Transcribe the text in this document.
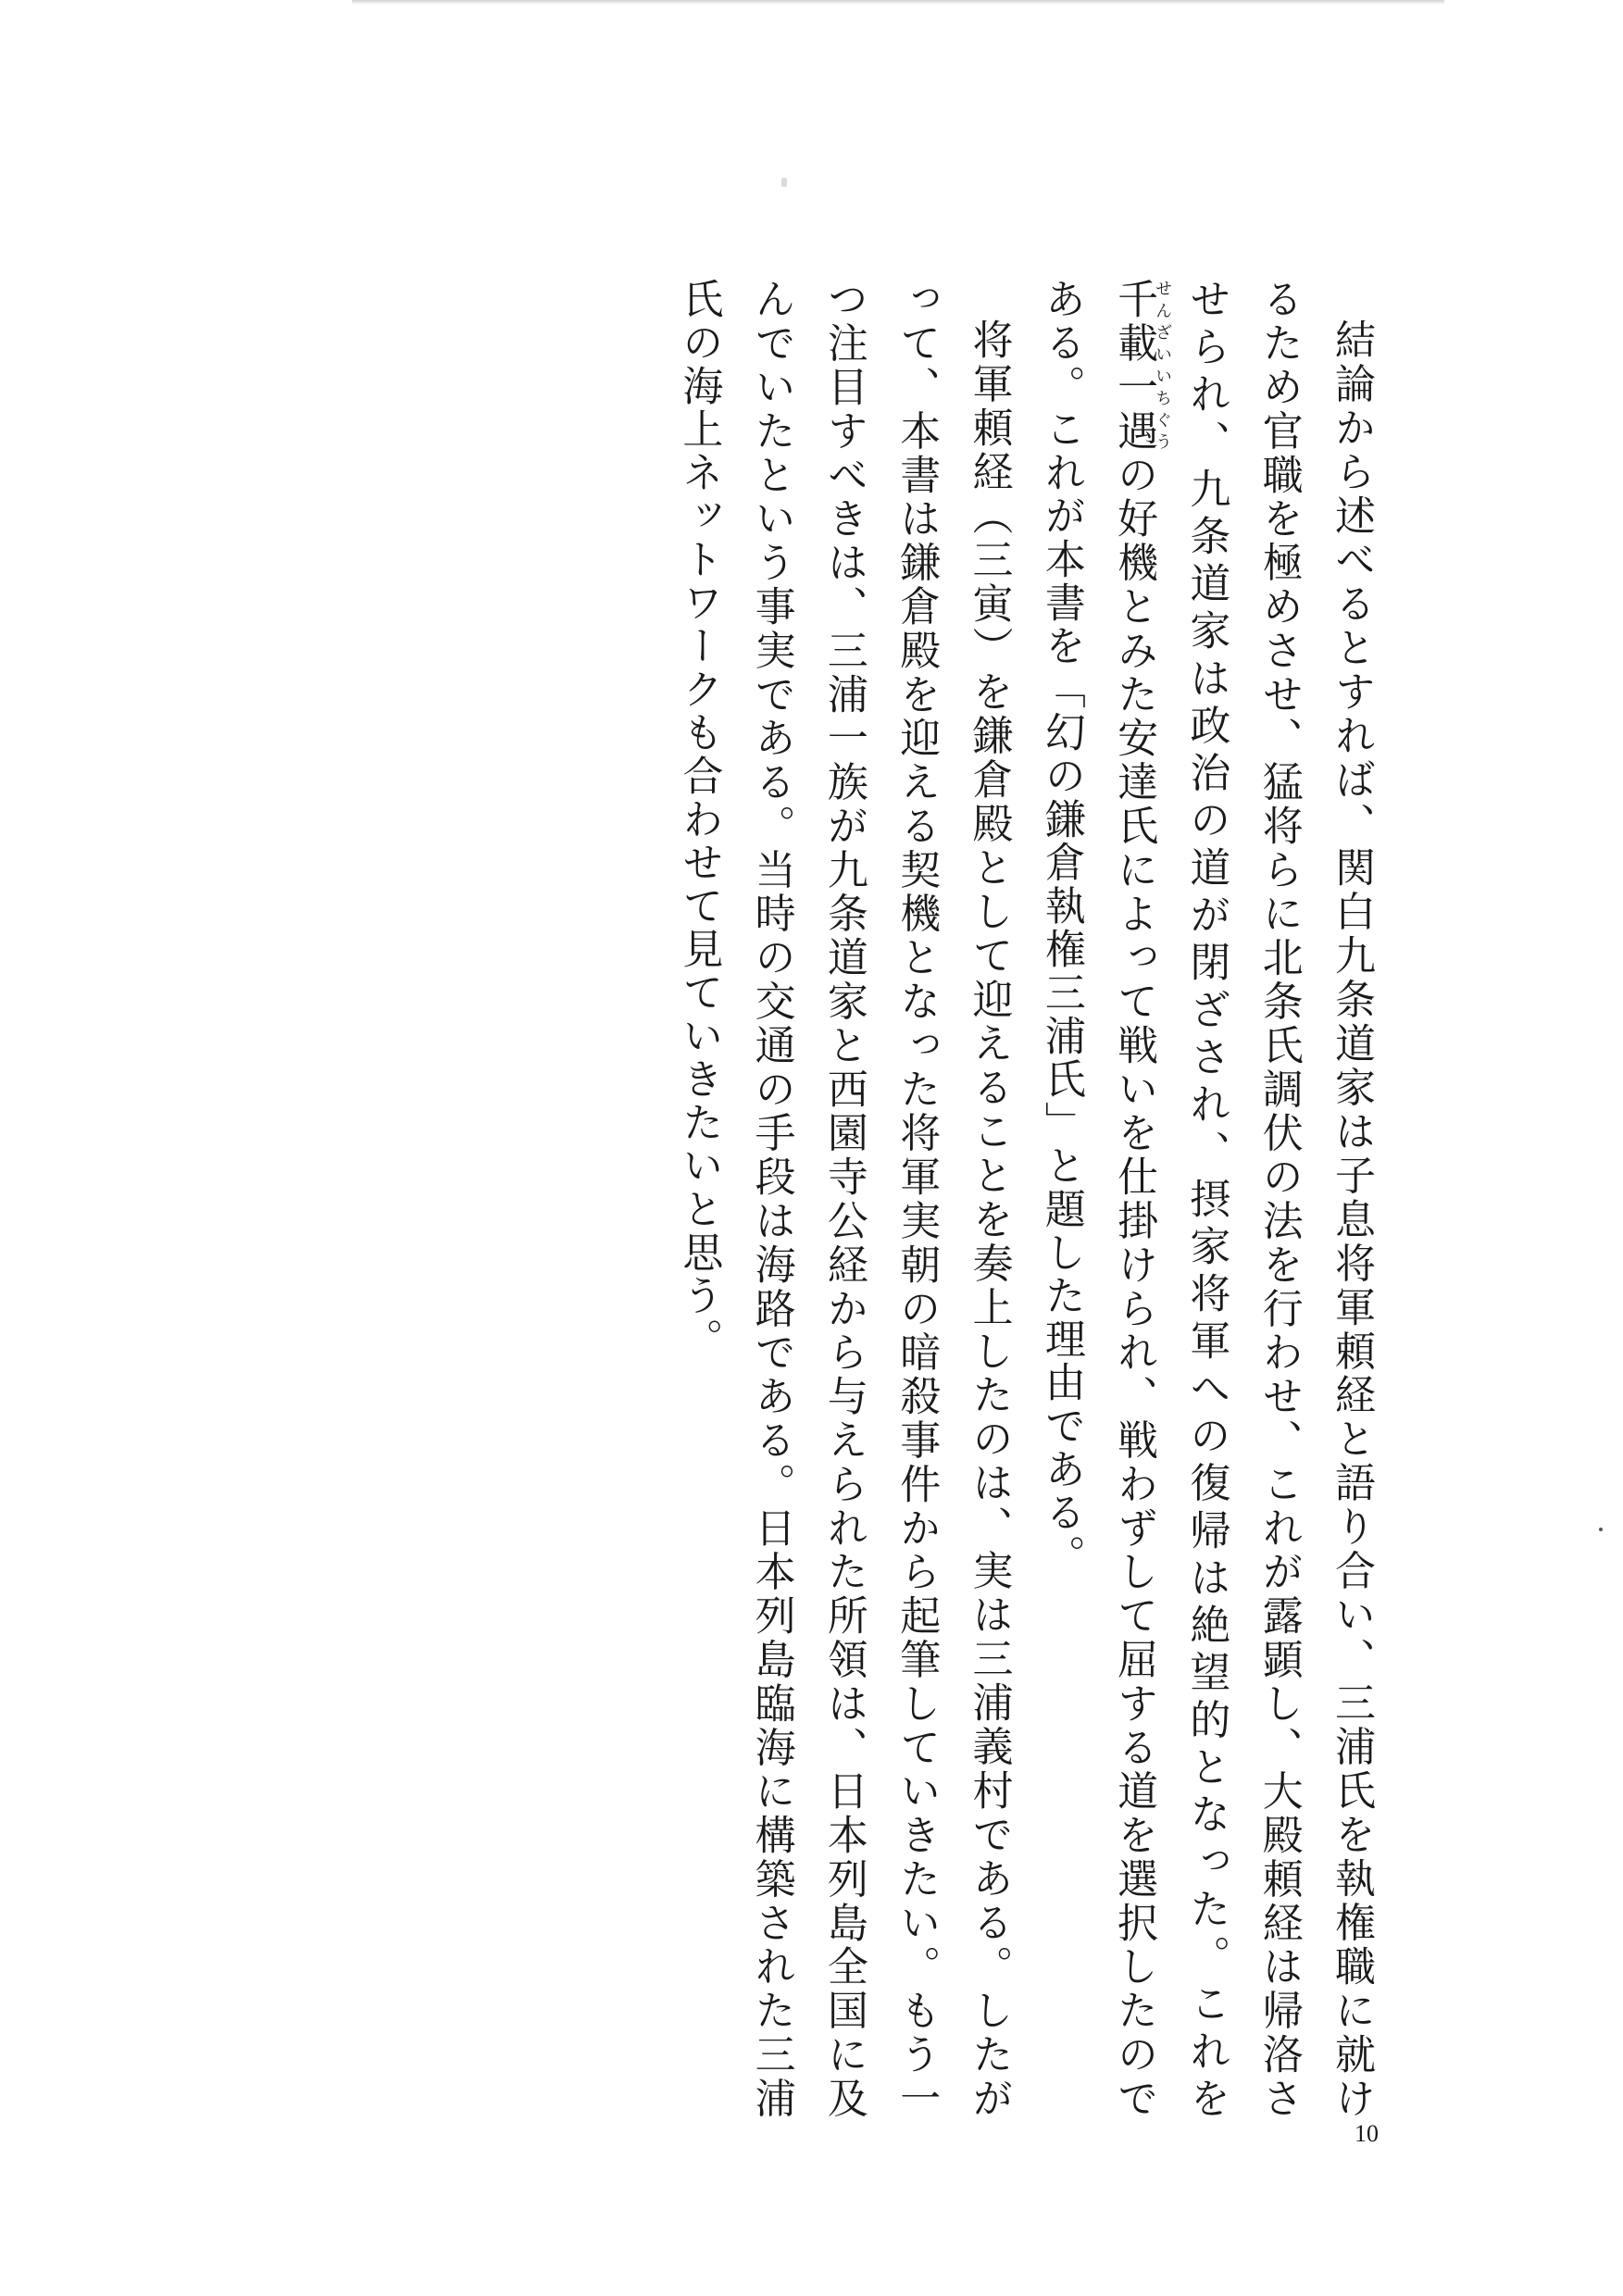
結論から述べるとすれば、関白九条道家は子息将軍頼経と語り合い、三浦氏を執権職に就けるため官職を極めさせ、猛将らに北条氏調伏の法を行わせ、これが露顕し、大殿頼経は帰洛させられ、九条道家は政治の道が閉ざされ、摂家将軍への復帰は絶望的となった。これを千載一遇せんざいいちぐうの好機とみた安達氏によって戦いを仕掛けられ、戦わずして屈する道を選択したのである。これが本書を「幻の鎌倉執権三浦氏」と題した理由である。

将軍頼経（三寅）を鎌倉殿として迎えることを奏上したのは、実は三浦義村である。したがって、本書は鎌倉殿を迎える契機となった将軍実朝の暗殺事件から起筆していきたい。もう一つ注目すべきは、三浦一族が九条道家と西園寺公経から与えられた所領は、日本列島全国に及んでいたという事実である。当時の交通の手段は海路である。日本列島臨海に構築された三浦氏の海上ネットワークも合わせて見ていきたいと思う。

10
